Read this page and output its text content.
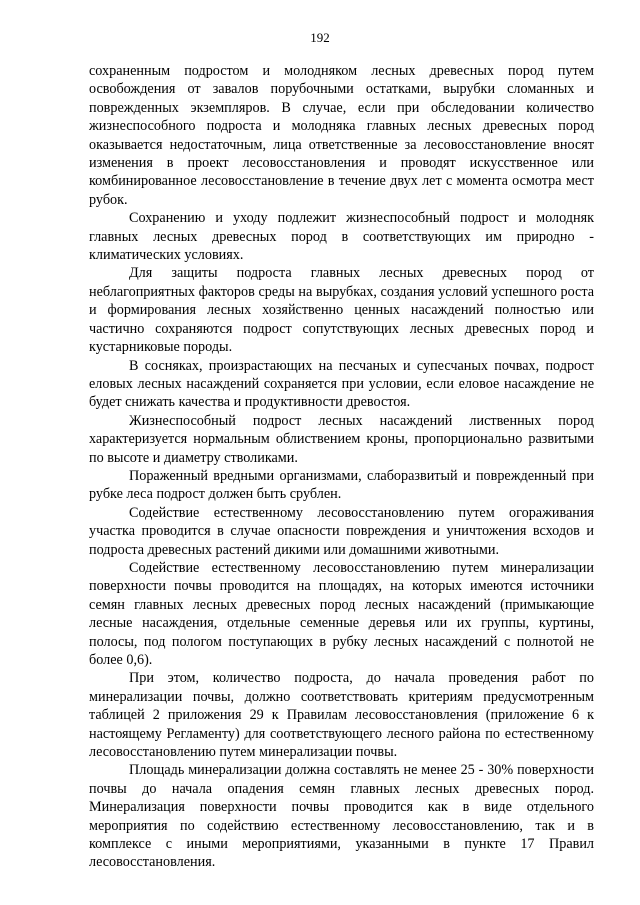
192

сохраненным подростом и молодняком лесных древесных пород путем освобождения от завалов порубочными остатками, вырубки сломанных и поврежденных экземпляров. В случае, если при обследовании количество жизнеспособного подроста и молодняка главных лесных древесных пород оказывается недостаточным, лица ответственные за лесовосстановление вносят изменения в проект лесовосстановления и проводят искусственное или комбинированное лесовосстановление в течение двух лет с момента осмотра мест рубок.

Сохранению и уходу подлежит жизнеспособный подрост и молодняк главных лесных древесных пород в соответствующих им природно - климатических условиях.

Для защиты подроста главных лесных древесных пород от неблагоприятных факторов среды на вырубках, создания условий успешного роста и формирования лесных хозяйственно ценных насаждений полностью или частично сохраняются подрост сопутствующих лесных древесных пород и кустарниковые породы.

В сосняках, произрастающих на песчаных и супесчаных почвах, подрост еловых лесных насаждений сохраняется при условии, если еловое насаждение не будет снижать качества и продуктивности древостоя.

Жизнеспособный подрост лесных насаждений лиственных пород характеризуется нормальным облиствением кроны, пропорционально развитыми по высоте и диаметру стволиками.

Пораженный вредными организмами, слаборазвитый и поврежденный при рубке леса подрост должен быть срублен.

Содействие естественному лесовосстановлению путем огораживания участка проводится в случае опасности повреждения и уничтожения всходов и подроста древесных растений дикими или домашними животными.

Содействие естественному лесовосстановлению путем минерализации поверхности почвы проводится на площадях, на которых имеются источники семян главных лесных древесных пород лесных насаждений (примыкающие лесные насаждения, отдельные семенные деревья или их группы, куртины, полосы, под пологом поступающих в рубку лесных насаждений с полнотой не более 0,6).

При этом, количество подроста, до начала проведения работ по минерализации почвы, должно соответствовать критериям предусмотренным таблицей 2 приложения 29 к Правилам лесовосстановления (приложение 6 к настоящему Регламенту) для соответствующего лесного района по естественному лесовосстановлению путем минерализации почвы.

Площадь минерализации должна составлять не менее 25 - 30% поверхности почвы до начала опадения семян главных лесных древесных пород. Минерализация поверхности почвы проводится как в виде отдельного мероприятия по содействию естественному лесовосстановлению, так и в комплексе с иными мероприятиями, указанными в пункте 17 Правил лесовосстановления.
